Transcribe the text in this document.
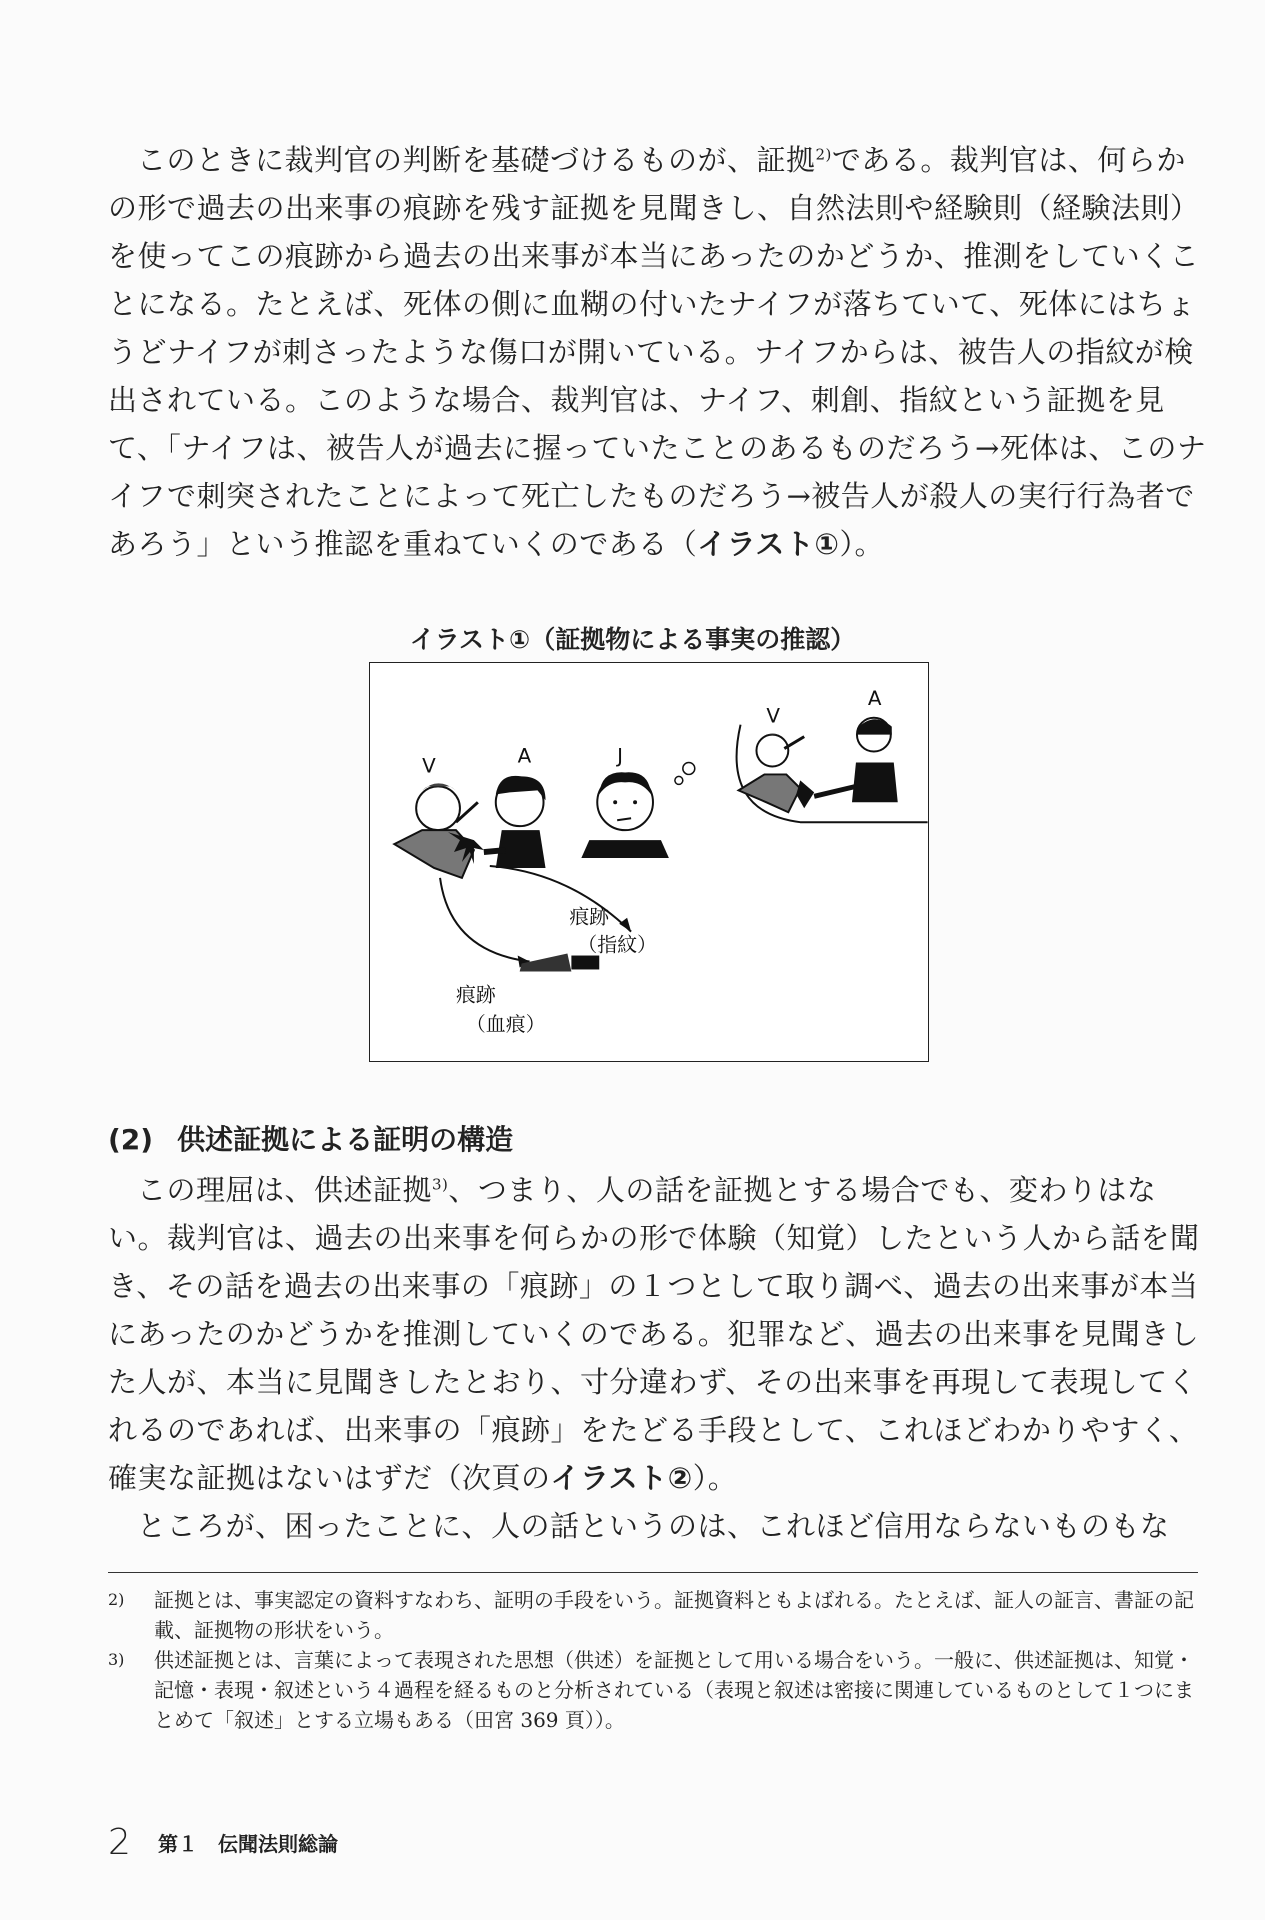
このときに裁判官の判断を基礎づけるものが、証拠$^{2)}$である。裁判官は、何らかの形で過去の出来事の痕跡を残す証拠を見聞きし、自然法則や経験則（経験法則）を使ってこの痕跡から過去の出来事が本当にあったのかどうか、推測をしていくことになる。たとえば、死体の側に血糊の付いたナイフが落ちていて、死体にはちょうどナイフが刺さったような傷口が開いている。ナイフからは、被告人の指紋が検出されている。このような場合、裁判官は、ナイフ、刺創、指紋という証拠を見て、「ナイフは、被告人が過去に握っていたことのあるものだろう→死体は、このナイフで刺突されたことによって死亡したものだろう→被告人が殺人の実行行為者であろう」という推認を重ねていくのである（イラスト①）。

イラスト①（証拠物による事実の推認）
V
A
J
V	A
痕跡
（指紋）
痕跡
（血痕）
(2) 供述証拠による証明の構造

この理屈は、供述証拠$^{3)}$、つまり、人の話を証拠とする場合でも、変わりはない。裁判官は、過去の出来事を何らかの形で体験（知覚）したという人から話を聞き、その話を過去の出来事の「痕跡」の１つとして取り調べ、過去の出来事が本当にあったのかどうかを推測していくのである。犯罪など、過去の出来事を見聞きした人が、本当に見聞きしたとおり、寸分違わず、その出来事を再現して表現してくれるのであれば、出来事の「痕跡」をたどる手段として、これほどわかりやすく、確実な証拠はないはずだ（次頁のイラスト②）。

ところが、困ったことに、人の話というのは、これほど信用ならないものもな

2) 証拠とは、事実認定の資料すなわち、証明の手段をいう。証拠資料ともよばれる。たとえば、証人の証言、書証の記載、証拠物の形状をいう。
3) 供述証拠とは、言葉によって表現された思想（供述）を証拠として用いる場合をいう。一般に、供述証拠は、知覚・記憶・表現・叙述という４過程を経るものと分析されている（表現と叙述は密接に関連しているものとして１つにまとめて「叙述」とする立場もある（田宮 369 頁））。
2 第１　伝聞法則総論
